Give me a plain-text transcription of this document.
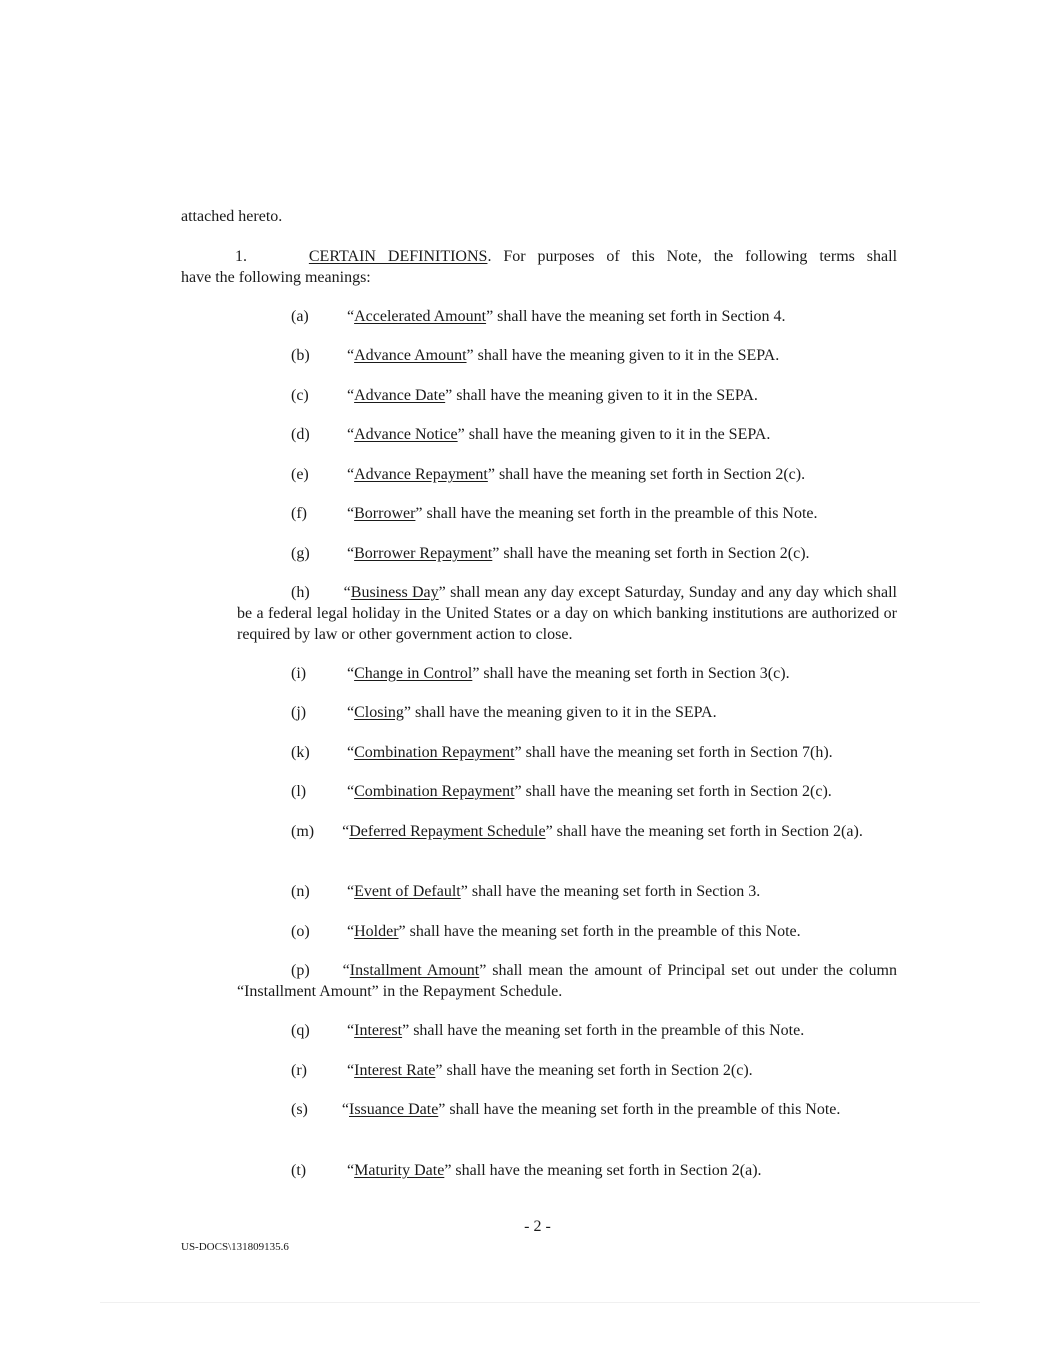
attached hereto.
1.	CERTAIN DEFINITIONS. For purposes of this Note, the following terms shall
have the following meanings:
(a) “Accelerated Amount” shall have the meaning set forth in Section 4.
(b) “Advance Amount” shall have the meaning given to it in the SEPA.
(c) “Advance Date” shall have the meaning given to it in the SEPA.
(d) “Advance Notice” shall have the meaning given to it in the SEPA.
(e) “Advance Repayment” shall have the meaning set forth in Section 2(c).
(f)	“Borrower” shall have the meaning set forth in the preamble of this Note.
(g) “Borrower Repayment” shall have the meaning set forth in Section 2(c).
(h) “Business Day” shall mean any day except Saturday, Sunday and any day which shall be a federal legal holiday in the United States or a day on which banking institutions are authorized or required by law or other government action to close.
(i)	“Change in Control” shall have the meaning set forth in Section 3(c).
(j)	“Closing” shall have the meaning given to it in the SEPA.
(k) “Combination Repayment” shall have the meaning set forth in Section 7(h).
(l)	“Combination Repayment” shall have the meaning set forth in Section 2(c).
(m) “Deferred Repayment Schedule” shall have the meaning set forth in Section 2(a).
(n) “Event of Default” shall have the meaning set forth in Section 3.
(o) “Holder” shall have the meaning set forth in the preamble of this Note.
(p) “Installment Amount” shall mean the amount of Principal set out under the column “Installment Amount” in the Repayment Schedule.
(q) “Interest” shall have the meaning set forth in the preamble of this Note.
(r)	“Interest Rate” shall have the meaning set forth in Section 2(c).
(s) “Issuance Date” shall have the meaning set forth in the preamble of this Note.
(t)	“Maturity Date” shall have the meaning set forth in Section 2(a).
- 2 -
US-DOCS\131809135.6
